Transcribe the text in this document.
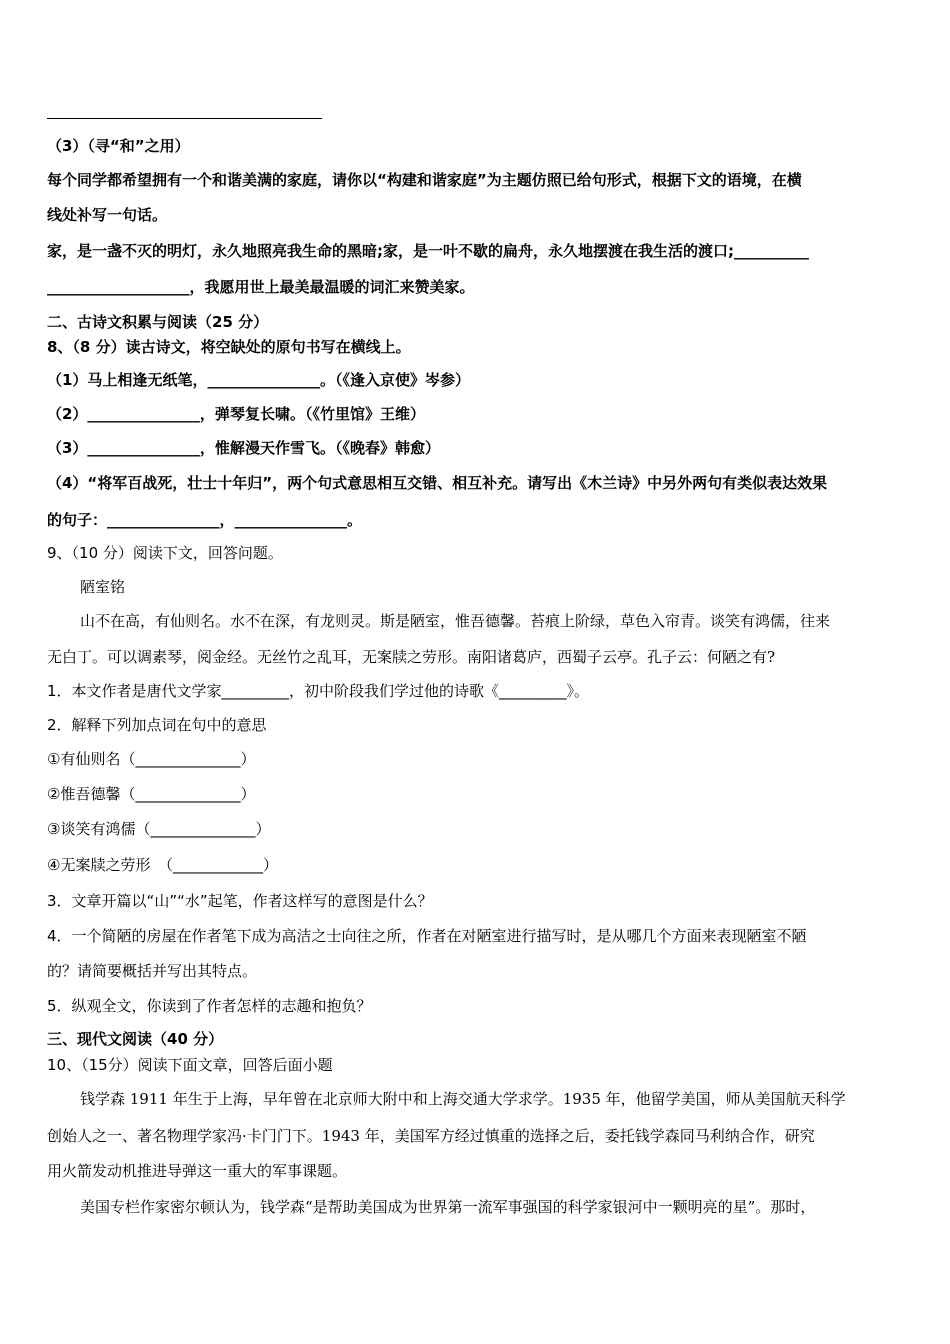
（3）（寻“和”之用）
每个同学都希望拥有一个和谐美满的家庭，请你以“构建和谐家庭”为主题仿照已给句形式，根据下文的语境，在横
线处补写一句话。
家，是一盏不灭的明灯，永久地照亮我生命的黑暗;家，是一叶不歇的扁舟，永久地摆渡在我生活的渡口;__________
___________________，我愿用世上最美最温暖的词汇来赞美家。
二、古诗文积累与阅读（25 分）
8、（8 分）读古诗文，将空缺处的原句书写在横线上。
（1）马上相逢无纸笔，_______________。（《逢入京使》岑参）
（2）_______________，弹琴复长啸。（《竹里馆》王维）
（3）_______________，惟解漫天作雪飞。（《晚春》韩愈）
（4）“将军百战死，壮士十年归”，两个句式意思相互交错、相互补充。请写出《木兰诗》中另外两句有类似表达效果
的句子：_______________，_______________。
9、（10 分）阅读下文，回答问题。
陋室铭
山不在高，有仙则名。水不在深，有龙则灵。斯是陋室，惟吾德馨。苔痕上阶绿，草色入帘青。谈笑有鸿儒，往来
无白丁。可以调素琴，阅金经。无丝竹之乱耳，无案牍之劳形。南阳诸葛庐，西蜀子云亭。孔子云：何陋之有?
1．本文作者是唐代文学家_________，初中阶段我们学过他的诗歌《_________》。
2．解释下列加点词在句中的意思
①有仙则名（______________）
②惟吾德馨（______________）
③谈笑有鸿儒（______________）
④无案牍之劳形　（____________）
3．文章开篇以“山”“水”起笔，作者这样写的意图是什么？
4．一个简陋的房屋在作者笔下成为高洁之士向往之所，作者在对陋室进行描写时，是从哪几个方面来表现陋室不陋
的？请简要概括并写出其特点。
5．纵观全文，你读到了作者怎样的志趣和抱负？
三、现代文阅读（40 分）
10、（15分）阅读下面文章，回答后面小题
钱学森 1911 年生于上海，早年曾在北京师大附中和上海交通大学求学。1935 年，他留学美国，师从美国航天科学
创始人之一、著名物理学家冯·卡门门下。1943 年，美国军方经过慎重的选择之后，委托钱学森同马利纳合作，研究
用火箭发动机推进导弹这一重大的军事课题。
美国专栏作家密尔顿认为，钱学森“是帮助美国成为世界第一流军事强国的科学家银河中一颗明亮的星”。那时，
